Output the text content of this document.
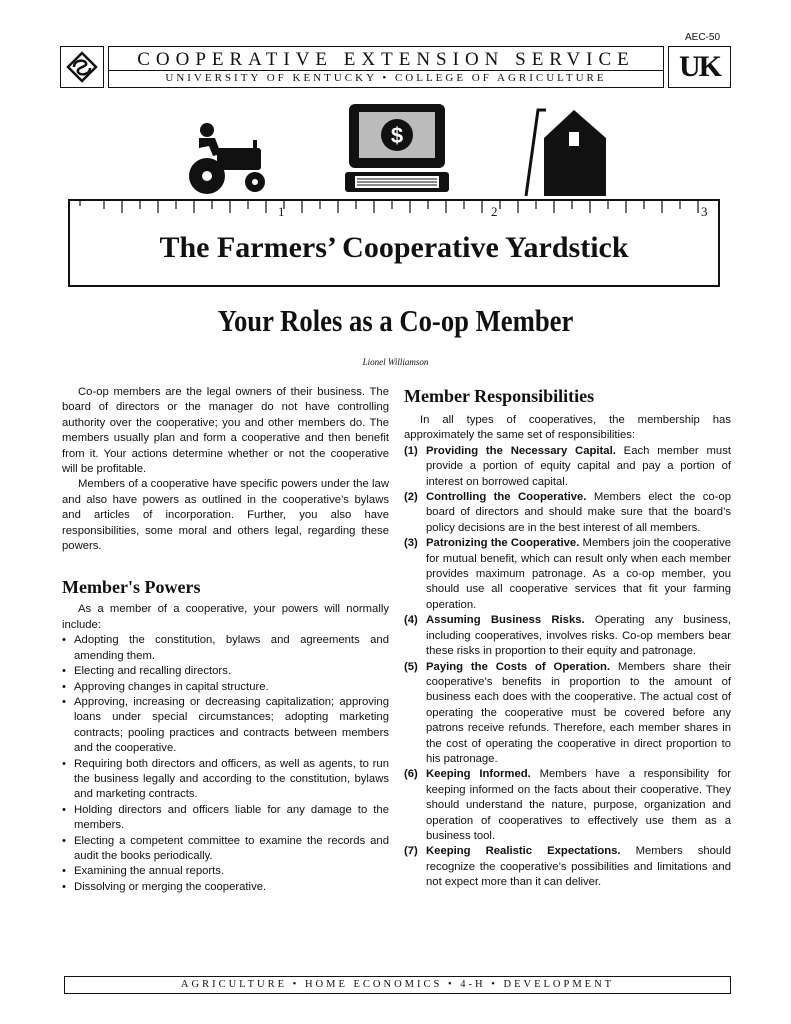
AEC-50
COOPERATIVE EXTENSION SERVICE
UNIVERSITY OF KENTUCKY • COLLEGE OF AGRICULTURE	UK
$
1	2	3
The Farmers’ Cooperative Yardstick
Your Roles as a Co-op Member
Lionel Williamson

Co-op members are the legal owners of their business. The board of directors or the manager do not have controlling authority over the cooperative; you and other members do. The members usually plan and form a cooperative and then benefit from it. Your actions determine whether or not the cooperative will be profitable.

Members of a cooperative have specific powers under the law and also have powers as outlined in the cooperative’s bylaws and articles of incorporation. Further, you also have responsibilities, some moral and others legal, regarding these powers.

Member's Powers

As a member of a cooperative, your powers will normally include:

• Adopting the constitution, bylaws and agreements and amending them.
• Electing and recalling directors.
• Approving changes in capital structure.
• Approving, increasing or decreasing capitalization; approving loans under special circumstances; adopting marketing contracts; pooling practices and contracts between members and the cooperative.
• Requiring both directors and officers, as well as agents, to run the business legally and according to the constitution, bylaws and marketing contracts.
• Holding directors and officers liable for any damage to the members.
• Electing a competent committee to examine the records and audit the books periodically.
• Examining the annual reports.
• Dissolving or merging the cooperative.
Member Responsibilities

In all types of cooperatives, the membership has approximately the same set of responsibilities:

(1) Providing the Necessary Capital. Each member must provide a portion of equity capital and pay a portion of interest on borrowed capital.
(2) Controlling the Cooperative. Members elect the co-op board of directors and should make sure that the board’s policy decisions are in the best interest of all members.
(3) Patronizing the Cooperative. Members join the cooperative for mutual benefit, which can result only when each member provides maximum patronage. As a co-op member, you should use all cooperative services that fit your farming operation.
(4) Assuming Business Risks. Operating any business, including cooperatives, involves risks. Co-op members bear these risks in proportion to their equity and patronage.
(5) Paying the Costs of Operation. Members share their cooperative’s benefits in proportion to the amount of business each does with the cooperative. The actual cost of operating the cooperative must be covered before any patrons receive refunds. Therefore, each member shares in the cost of operating the cooperative in direct proportion to his patronage.
(6) Keeping Informed. Members have a responsibility for keeping informed on the facts about their cooperative. They should understand the nature, purpose, organization and operation of cooperatives to effectively use them as a business tool.
(7) Keeping Realistic Expectations. Members should recognize the cooperative’s possibilities and limitations and not expect more than it can deliver.
AGRICULTURE • HOME ECONOMICS • 4-H • DEVELOPMENT
